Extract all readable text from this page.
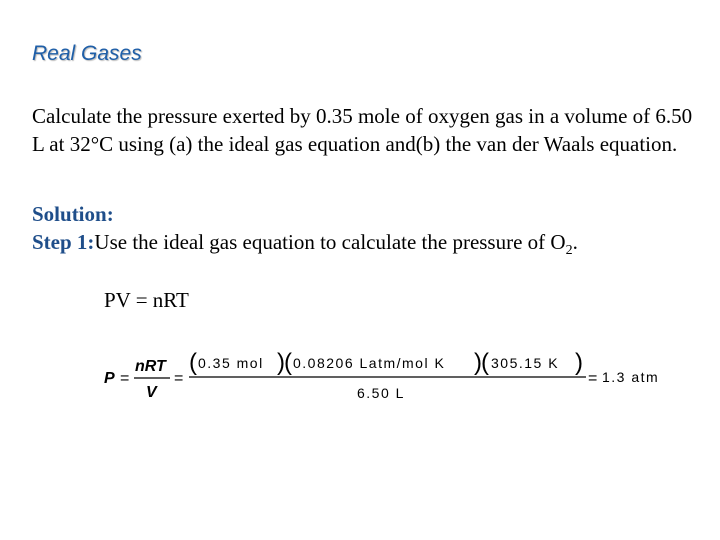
Real Gases
Calculate the pressure exerted by 0.35 mole of oxygen gas in a volume of 6.50 L at 32°C using (a) the ideal gas equation and(b) the van der Waals equation.
Solution:
Step 1:Use the ideal gas equation to calculate the pressure of $O_2$.
PV = nRT
P =
nRT
V
=
( 0.35 mol ) ( 0.08206 Latm/mol K ) ( 305.15 K )
6.50 L
= 1.3 atm
